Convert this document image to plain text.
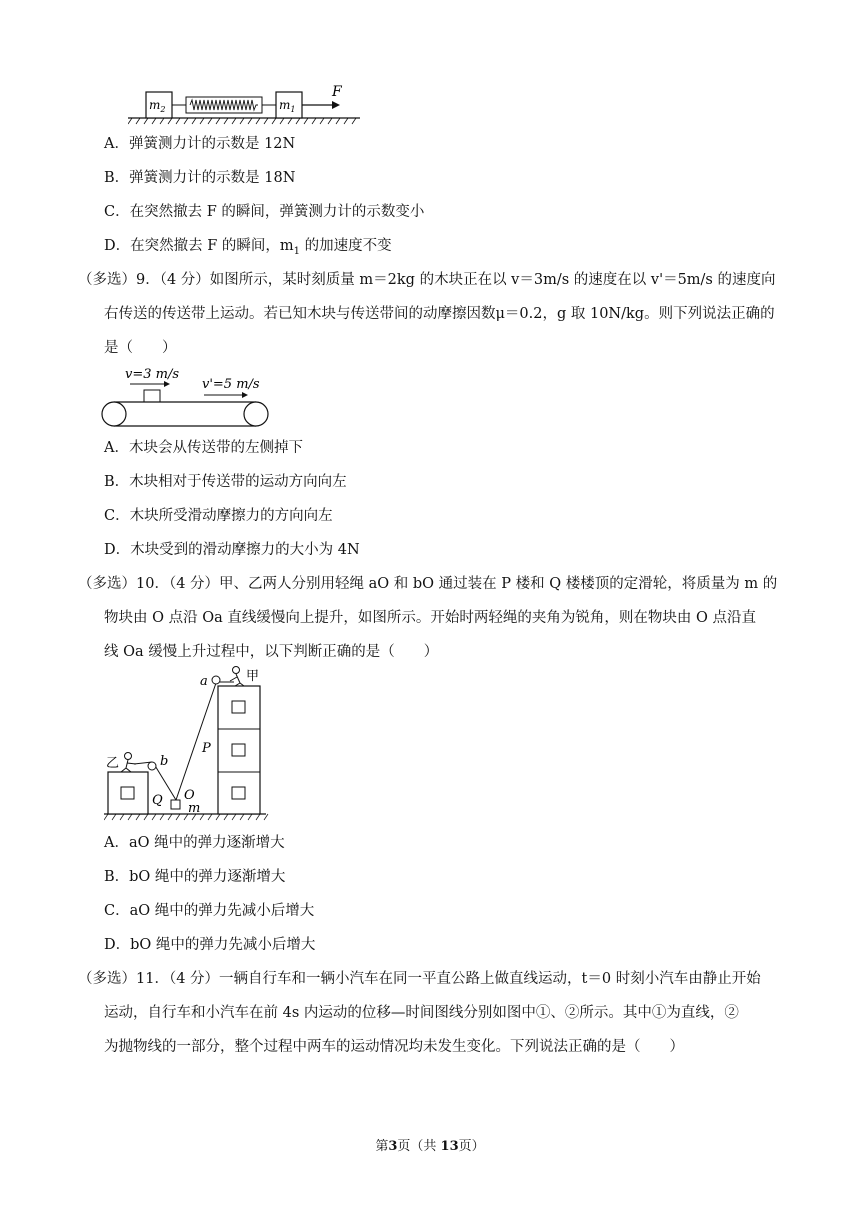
$m_2$	$m_1$
F
A．弹簧测力计的示数是 12N
B．弹簧测力计的示数是 18N
C．在突然撤去 F 的瞬间，弹簧测力计的示数变小
D．在突然撤去 F 的瞬间，$m_1$ 的加速度不变
（多选）9．（4 分）如图所示，某时刻质量 m＝2kg 的木块正在以 v＝3m/s 的速度在以 v'＝5m/s 的速度向
右传送的传送带上运动。若已知木块与传送带间的动摩擦因数μ＝0.2，g 取 10N/kg。则下列说法正确的
是（　　）
v=3 m/s
v'=5 m/s
A．木块会从传送带的左侧掉下
B．木块相对于传送带的运动方向向左
C．木块所受滑动摩擦力的方向向左
D．木块受到的滑动摩擦力的大小为 4N
（多选）10．（4 分）甲、乙两人分别用轻绳 aO 和 bO 通过装在 P 楼和 Q 楼楼顶的定滑轮，将质量为 m 的
物块由 O 点沿 Oa 直线缓慢向上提升，如图所示。开始时两轻绳的夹角为锐角，则在物块由 O 点沿直
线 Oa 缓慢上升过程中，以下判断正确的是（　　）
a	甲
乙	b
P
Q O
m
A．aO 绳中的弹力逐渐增大
B．bO 绳中的弹力逐渐增大
C．aO 绳中的弹力先减小后增大
D．bO 绳中的弹力先减小后增大
（多选）11．（4 分）一辆自行车和一辆小汽车在同一平直公路上做直线运动，t＝0 时刻小汽车由静止开始
运动，自行车和小汽车在前 4s 内运动的位移—时间图线分别如图中①、②所示。其中①为直线，②
为抛物线的一部分，整个过程中两车的运动情况均未发生变化。下列说法正确的是（　　）
第3页（共 13页）
